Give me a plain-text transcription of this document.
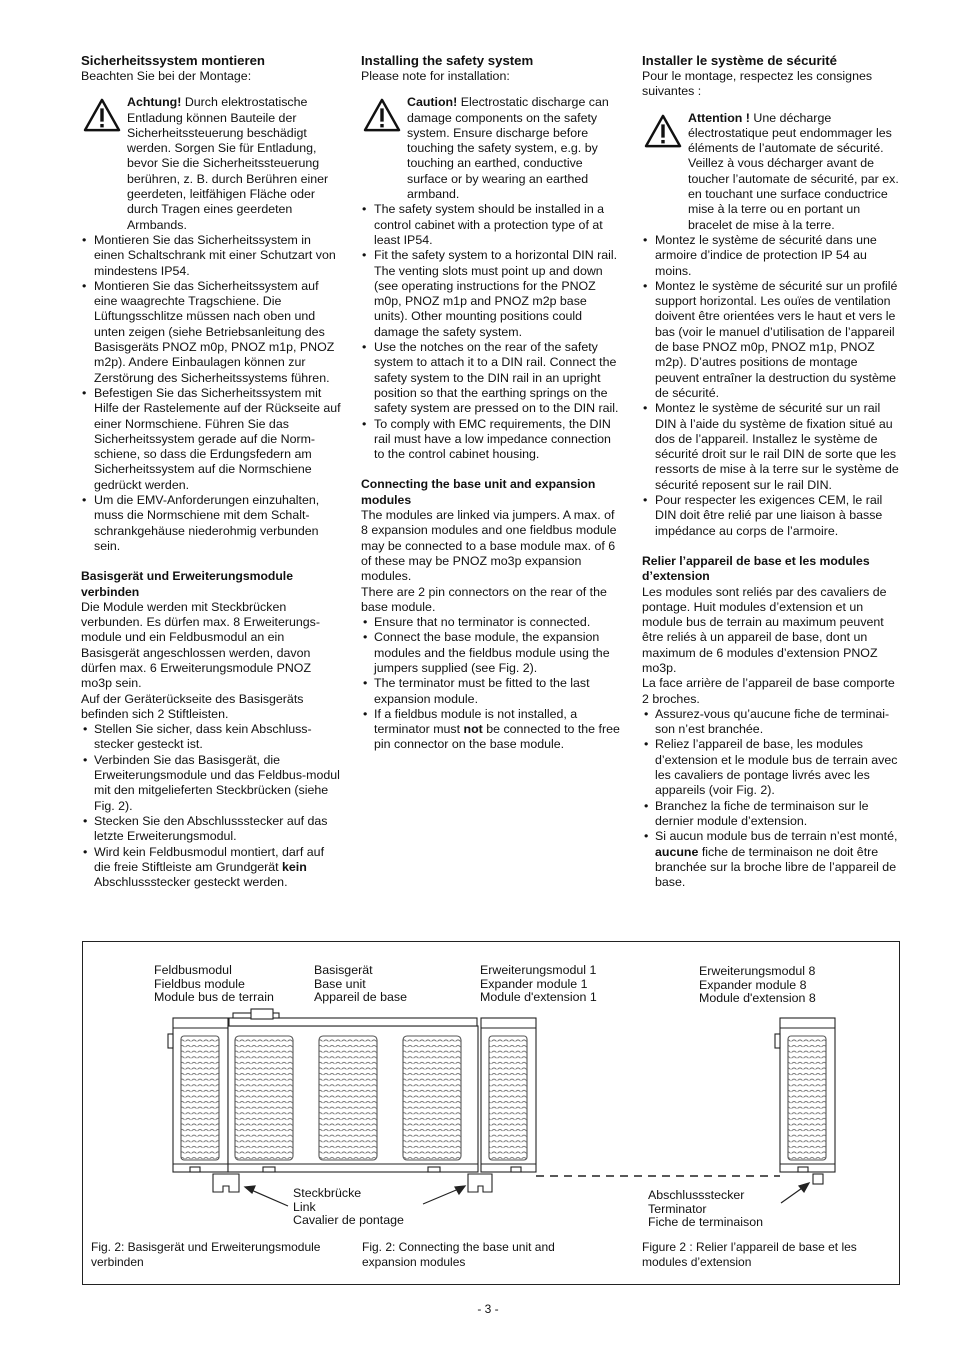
Sicherheitssystem montieren

Beachten Sie bei der Montage:

Achtung! Durch elektrostatische Entladung können Bauteile der Sicherheitssteuerung beschädigt werden. Sorgen Sie für Entladung, bevor Sie die Sicherheitssteuerung berühren, z. B. durch Berühren einer geerdeten, leitfähigen Fläche oder durch Tragen eines geerdeten Armbands.
• Montieren Sie das Sicherheitssystem in einen Schaltschrank mit einer Schutzart von mindestens IP54.
• Montieren Sie das Sicherheitssystem auf eine waagrechte Tragschiene. Die Lüftungsschlitze müssen nach oben und unten zeigen (siehe Betriebsanleitung des Basisgeräts PNOZ m0p, PNOZ m1p, PNOZ m2p). Andere Einbaulagen können zur Zerstörung des Sicherheitssystems führen.
• Befestigen Sie das Sicherheitssystem mit Hilfe der Rastelemente auf der Rückseite auf einer Normschiene. Führen Sie das Sicherheitssystem gerade auf die Norm-schiene, so dass die Erdungsfedern am Sicherheitssystem auf die Normschiene gedrückt werden.
• Um die EMV-Anforderungen einzuhalten, muss die Normschiene mit dem Schalt-schrankgehäuse niederohmig verbunden sein.
Basisgerät und Erweiterungsmodule verbinden

Die Module werden mit Steckbrücken verbunden. Es dürfen max. 8 Erweiterungs-module und ein Feldbusmodul an ein Basisgerät angeschlossen werden, davon dürfen max. 6 Erweiterungsmodule PNOZ mo3p sein.

Auf der Geräterückseite des Basisgeräts befinden sich 2 Stiftleisten.

• Stellen Sie sicher, dass kein Abschluss-stecker gesteckt ist.
• Verbinden Sie das Basisgerät, die Erweiterungsmodule und das Feldbus-modul mit den mitgelieferten Steckbrücken (siehe Fig. 2).
• Stecken Sie den Abschlussstecker auf das letzte Erweiterungsmodul.
• Wird kein Feldbusmodul montiert, darf auf die freie Stiftleiste am Grundgerät kein Abschlussstecker gesteckt werden.
Installing the safety system

Please note for installation:

Caution! Electrostatic discharge can damage components on the safety system. Ensure discharge before touching the safety system, e.g. by touching an earthed, conductive surface or by wearing an earthed armband.
• The safety system should be installed in a control cabinet with a protection type of at least IP54.
• Fit the safety system to a horizontal DIN rail. The venting slots must point up and down (see operating instructions for the PNOZ m0p, PNOZ m1p and PNOZ m2p base units). Other mounting positions could damage the safety system.
• Use the notches on the rear of the safety system to attach it to a DIN rail. Connect the safety system to the DIN rail in an upright position so that the earthing springs on the safety system are pressed on to the DIN rail.
• To comply with EMC requirements, the DIN rail must have a low impedance connection to the control cabinet housing.
Connecting the base unit and expansion modules

The modules are linked via jumpers. A max. of 8 expansion modules and one fieldbus module may be connected to a base module max. of 6 of these may be PNOZ mo3p expansion modules.

There are 2 pin connectors on the rear of the base module.

• Ensure that no terminator is connected.
• Connect the base module, the expansion modules and the fieldbus module using the jumpers supplied (see Fig. 2).
• The terminator must be fitted to the last expansion module.
• If a fieldbus module is not installed, a terminator must not be connected to the free pin connector on the base module.
Installer le système de sécurité

Pour le montage, respectez les consignes suivantes :

Attention ! Une décharge électrostatique peut endommager les éléments de l’automate de sécurité. Veillez à vous décharger avant de toucher l’automate de sécurité, par ex. en touchant une surface conductrice mise à la terre ou en portant un bracelet de mise à la terre.
• Montez le système de sécurité dans une armoire d’indice de protection IP 54 au moins.
• Montez le système de sécurité sur un profilé support horizontal. Les ouïes de ventilation doivent être orientées vers le haut et vers le bas (voir le manuel d’utilisation de l’appareil de base PNOZ m0p, PNOZ m1p, PNOZ m2p). D’autres positions de montage peuvent entraîner la destruction du système de sécurité.
• Montez le système de sécurité sur un rail DIN à l’aide du système de fixation situé au dos de l’appareil. Installez le système de sécurité droit sur le rail DIN de sorte que les ressorts de mise à la terre sur le système de sécurité reposent sur le rail DIN.
• Pour respecter les exigences CEM, le rail DIN doit être relié par une liaison à basse impédance au corps de l’armoire.
Relier l’appareil de base et les modules d’extension

Les modules sont reliés par des cavaliers de pontage. Huit modules d’extension et un module bus de terrain au maximum peuvent être reliés à un appareil de base, dont un maximum de 6 modules d’extension PNOZ mo3p.

La face arrière de l’appareil de base comporte 2 broches.

• Assurez-vous qu’aucune fiche de terminai-son n’est branchée.
• Reliez l’appareil de base, les modules d’extension et le module bus de terrain avec les cavaliers de pontage livrés avec les appareils (voir Fig. 2).
• Branchez la fiche de terminaison sur le dernier module d’extension.
• Si aucun module bus de terrain n’est monté, aucune fiche de terminaison ne doit être branchée sur la broche libre de l’appareil de base.
Feldbusmodul
Fieldbus module
Module bus de terrain
Basisgerät
Base unit
Appareil de base
Erweiterungsmodul 1
Expander module 1
Module d'extension 1
Erweiterungsmodul 8
Expander module 8
Module d'extension 8
Steckbrücke
Link
Cavalier de pontage
Abschlussstecker
Terminator
Fiche de terminaison
Fig. 2: Basisgerät und Erweiterungsmodule verbinden
Fig. 2: Connecting the base unit and expansion modules
Figure 2 : Relier l’appareil de base et les modules d’extension
- 3 -
